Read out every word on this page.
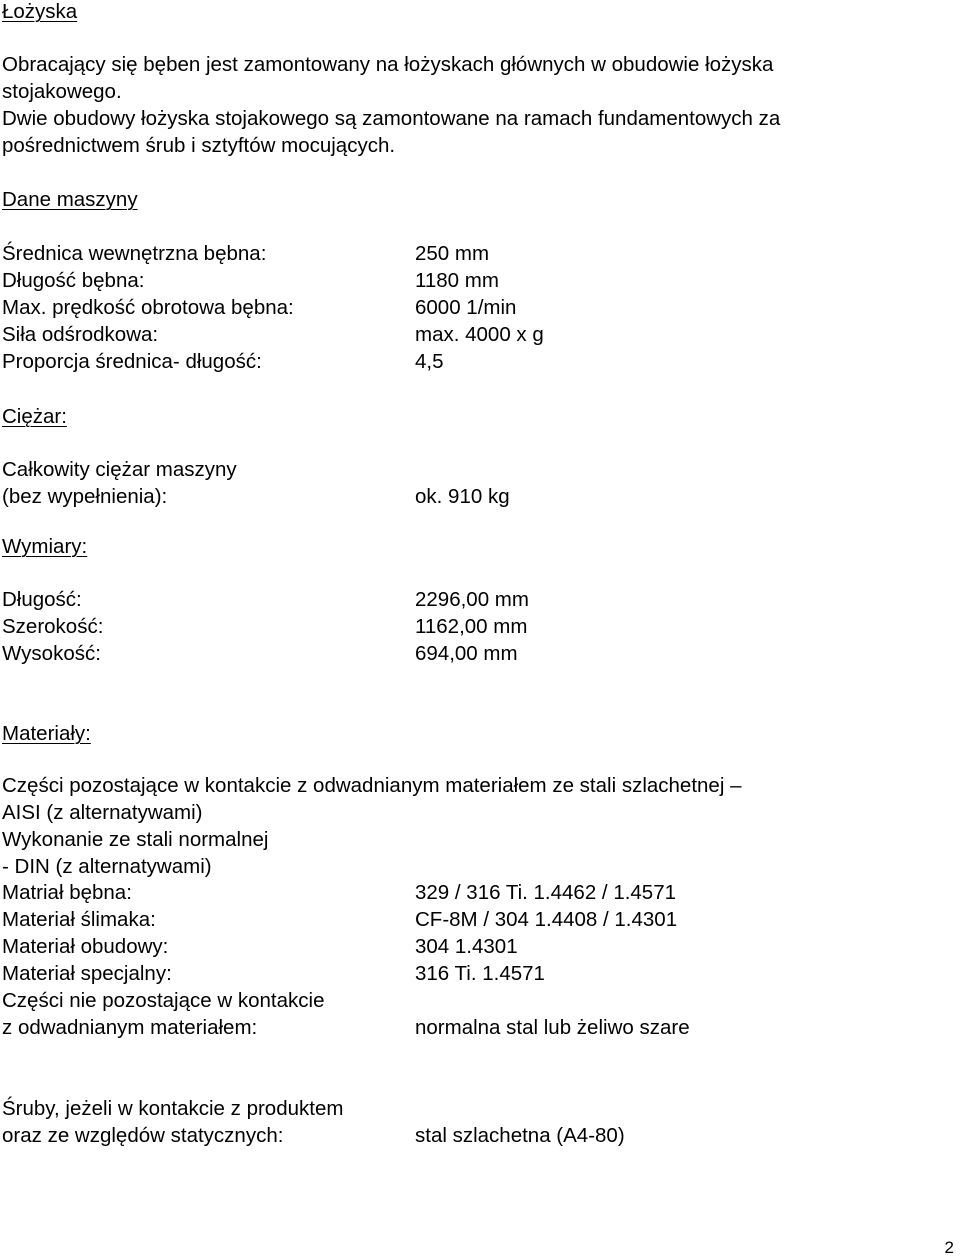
Łożyska
Obracający się bęben jest zamontowany na łożyskach głównych w obudowie łożyska
stojakowego.
Dwie obudowy łożyska stojakowego są zamontowane na ramach fundamentowych za
pośrednictwem śrub i sztyftów mocujących.
Dane maszyny
Średnica wewnętrzna bębna:	250 mm
Długość bębna:	1180 mm
Max. prędkość obrotowa bębna:	6000 1/min
Siła odśrodkowa:	max. 4000 x g
Proporcja średnica- długość:	4,5
Ciężar:
Całkowity ciężar maszyny
(bez wypełnienia):	ok. 910 kg
Wymiary:
Długość:	2296,00 mm
Szerokość:	1162,00 mm
Wysokość:	694,00 mm
Materiały:
Części pozostające w kontakcie z odwadnianym materiałem ze stali szlachetnej –
AISI (z alternatywami)
Wykonanie ze stali normalnej
- DIN (z alternatywami)
Matriał bębna:	329 / 316 Ti. 1.4462 / 1.4571
Materiał ślimaka:	CF-8M / 304 1.4408 / 1.4301
Materiał obudowy:	304 1.4301
Materiał specjalny:	316 Ti. 1.4571
Części nie pozostające w kontakcie
z odwadnianym materiałem:	normalna stal lub żeliwo szare
Śruby, jeżeli w kontakcie z produktem
oraz ze względów statycznych:	stal szlachetna (A4-80)
2
